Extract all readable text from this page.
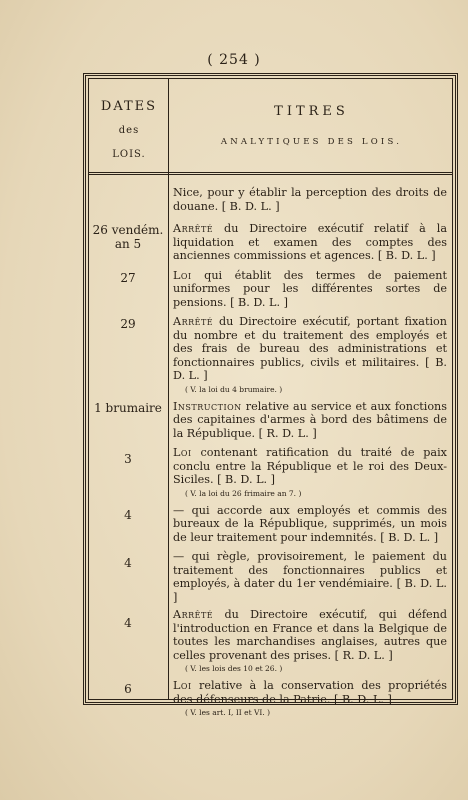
( 254 )
DATES
des
LOIS.
TITRES
ANALYTIQUES DES LOIS.

Nice, pour y établir la perception des droits de douane. [ B. D. L. ]
26 vendém.
an 5
Arrêté du Directoire exécutif relatif à la liquidation et examen des comptes des anciennes commissions et agences. [ B. D. L. ]
27	Loi qui établit des termes de paiement uniformes pour les différentes sortes de pensions. [ B. D. L. ]
29	Arrêté du Directoire exécutif, portant fixation du nombre et du traitement des employés et des frais de bureau des administrations et fonctionnaires publics, civils et militaires. [ B. D. L. ]
( V. la loi du 4 brumaire. )
1 brumaire Instruction relative au service et aux fonctions des capitaines d'armes à bord des bâtimens de la République. [ R. D. L. ]
3	Loi contenant ratification du traité de paix conclu entre la République et le roi des Deux-Siciles. [ B. D. L. ]
( V. la loi du 26 frimaire an 7. )
4	— qui accorde aux employés et commis des bureaux de la République, supprimés, un mois de leur traitement pour indemnités. [ B. D. L. ]
4	— qui règle, provisoirement, le paiement du traitement des fonctionnaires publics et employés, à dater du 1er vendémiaire. [ B. D. L. ]
4
Arrêté du Directoire exécutif, qui défend l'introduction en France et dans la Belgique de toutes les marchandises anglaises, autres que celles provenant des prises. [ R. D. L. ]
( V. les lois des 10 et 26. )
6	Loi relative à la conservation des propriétés des défenseurs de la Patrie. [ B. D. L. ]
( V. les art. I, II et VI. )
